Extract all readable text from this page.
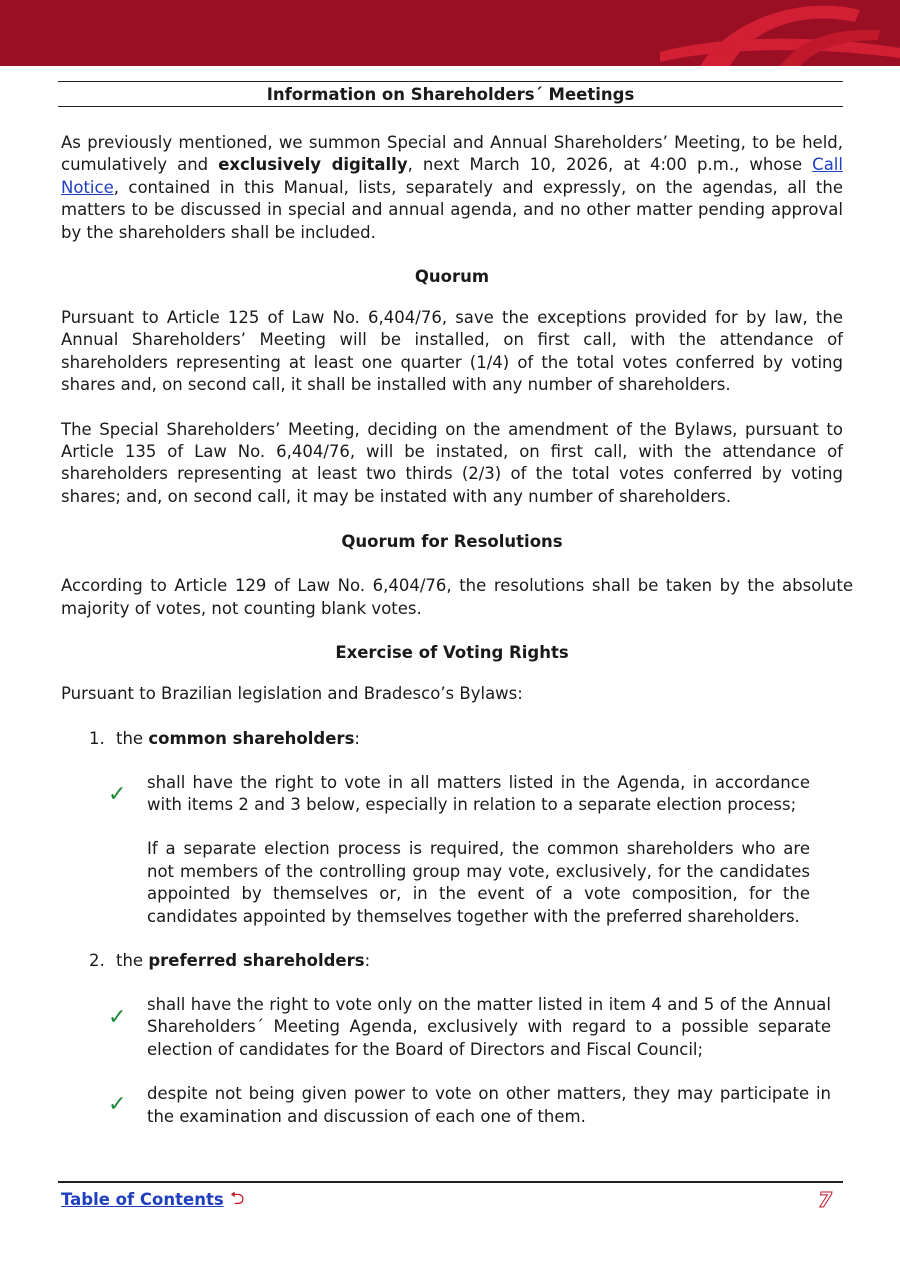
Information on Shareholders´ Meetings

As previously mentioned, we summon Special and Annual Shareholders’ Meeting, to be held, cumulatively and exclusively digitally, next March 10, 2026, at 4:00 p.m., whose Call Notice, contained in this Manual, lists, separately and expressly, on the agendas, all the matters to be discussed in special and annual agenda, and no other matter pending approval by the shareholders shall be included.

Quorum

Pursuant to Article 125 of Law No. 6,404/76, save the exceptions provided for by law, the Annual Shareholders’ Meeting will be installed, on first call, with the attendance of shareholders representing at least one quarter (1/4) of the total votes conferred by voting shares and, on second call, it shall be installed with any number of shareholders.

The Special Shareholders’ Meeting, deciding on the amendment of the Bylaws, pursuant to Article 135 of Law No. 6,404/76, will be instated, on first call, with the attendance of shareholders representing at least two thirds (2/3) of the total votes conferred by voting shares; and, on second call, it may be instated with any number of shareholders.

Quorum for Resolutions

According to Article 129 of Law No. 6,404/76, the resolutions shall be taken by the absolute majority of votes, not counting blank votes.

Exercise of Voting Rights

Pursuant to Brazilian legislation and Bradesco’s Bylaws:

1. the common shareholders:
✓ shall have the right to vote in all matters listed in the Agenda, in accordance with items 2 and 3 below, especially in relation to a separate election process;

If a separate election process is required, the common shareholders who are not members of the controlling group may vote, exclusively, for the candidates appointed by themselves or, in the event of a vote composition, for the candidates appointed by themselves together with the preferred shareholders.

2. the preferred shareholders:
✓

shall have the right to vote only on the matter listed in item 4 and 5 of the Annual Shareholders´ Meeting Agenda, exclusively with regard to a possible separate election of candidates for the Board of Directors and Fiscal Council;

✓ despite not being given power to vote on other matters, they may participate in the examination and discussion of each one of them.

Table of Contents ⮌	7
